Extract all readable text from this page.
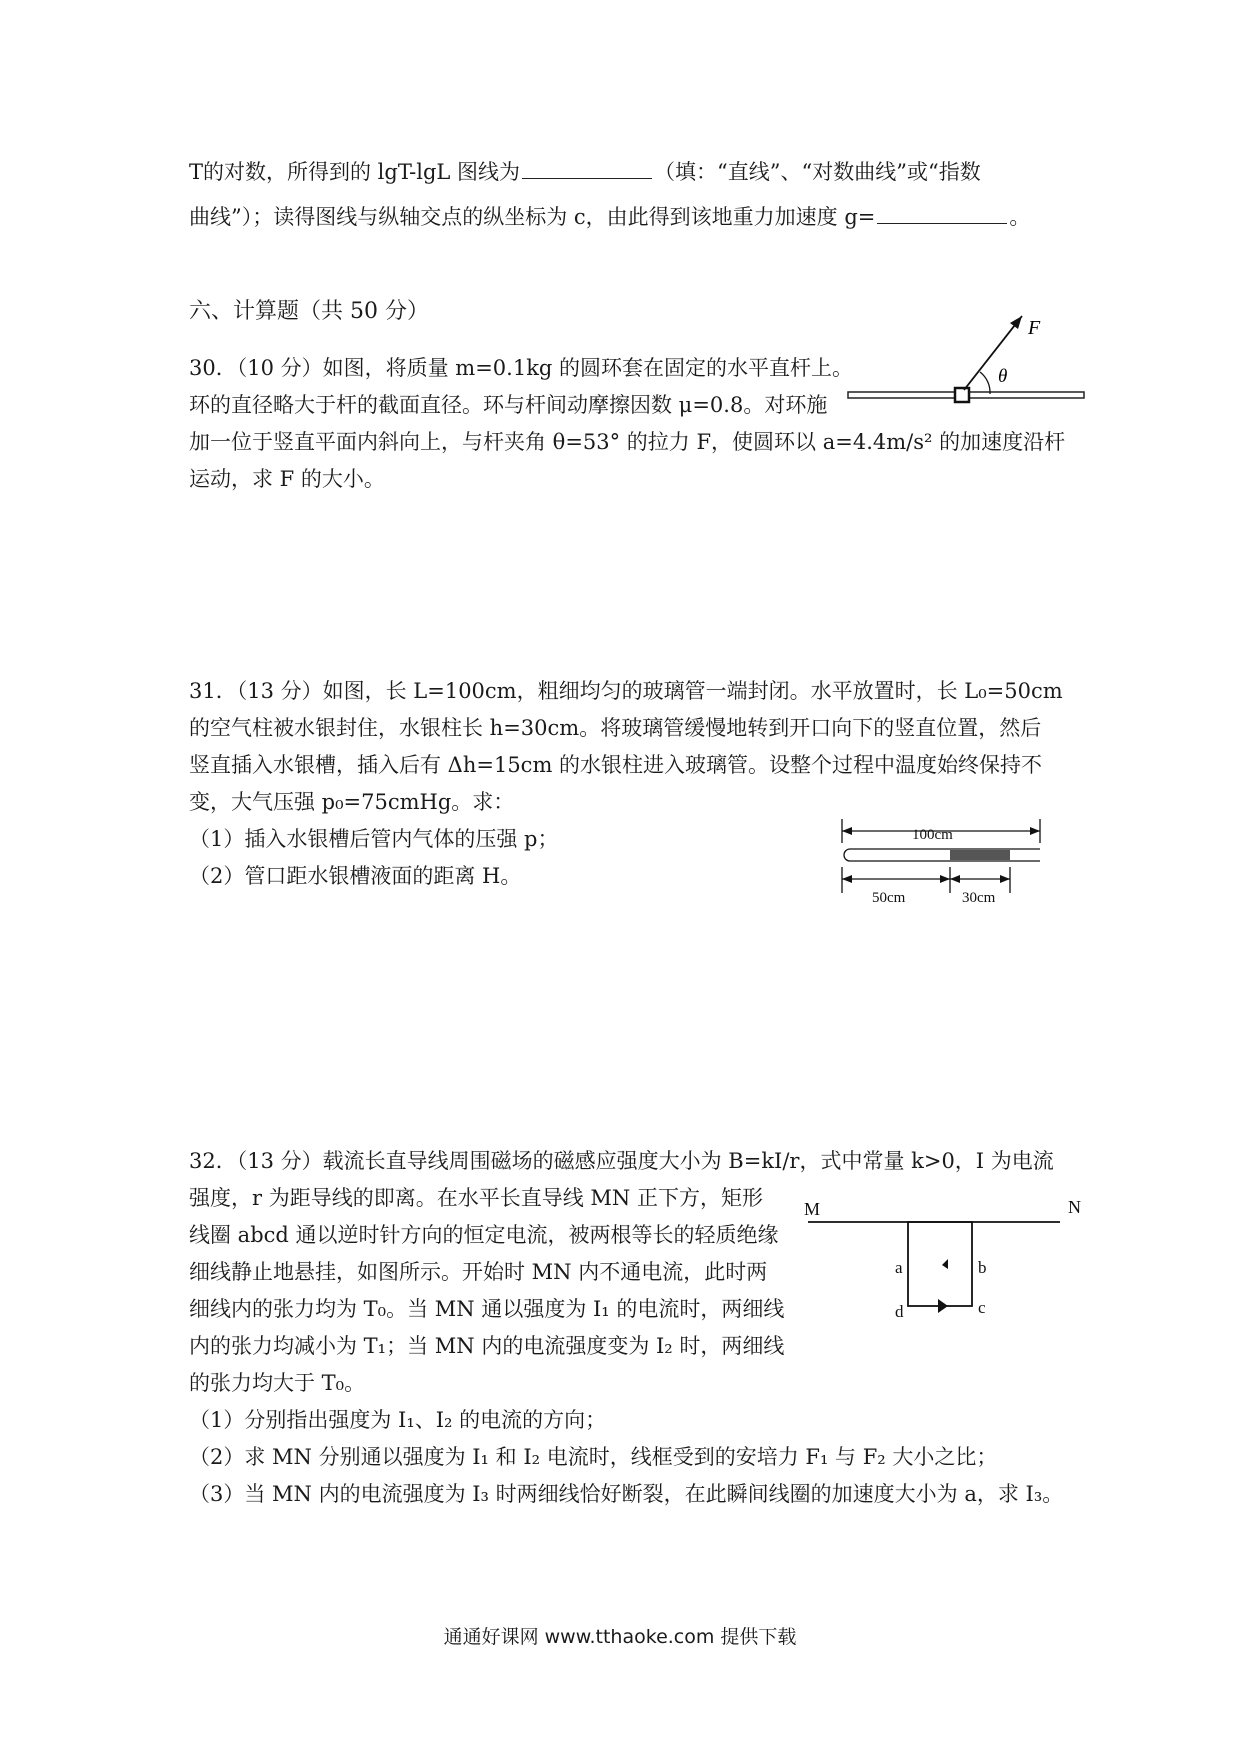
T的对数，所得到的 lgT-lgL 图线为	（填：“直线”、“对数曲线”或“指数
曲线”）；读得图线与纵轴交点的纵坐标为 c，由此得到该地重力加速度 g=	。
六、计算题（共 50 分）

30．（10 分）如图，将质量 m=0.1kg 的圆环套在固定的水平直杆上。

环的直径略大于杆的截面直径。环与杆间动摩擦因数 μ=0.8。对环施

加一位于竖直平面内斜向上，与杆夹角 θ=53° 的拉力 F，使圆环以 a=4.4m/s² 的加速度沿杆

运动，求 F 的大小。

F
θ

31．（13 分）如图，长 L=100cm，粗细均匀的玻璃管一端封闭。水平放置时，长 L₀=50cm

的空气柱被水银封住，水银柱长 h=30cm。将玻璃管缓慢地转到开口向下的竖直位置，然后

竖直插入水银槽，插入后有 Δh=15cm 的水银柱进入玻璃管。设整个过程中温度始终保持不

变，大气压强 p₀=75cmHg。求：

（1）插入水银槽后管内气体的压强 p；

（2）管口距水银槽液面的距离 H。

100cm
50cm	30cm

32．（13 分）载流长直导线周围磁场的磁感应强度大小为 B=kI/r，式中常量 k>0，I 为电流

强度，r 为距导线的即离。在水平长直导线 MN 正下方，矩形

线圈 abcd 通以逆时针方向的恒定电流，被两根等长的轻质绝缘

细线静止地悬挂，如图所示。开始时 MN 内不通电流，此时两

细线内的张力均为 T₀。当 MN 通以强度为 I₁ 的电流时，两细线

内的张力均减小为 T₁；当 MN 内的电流强度变为 I₂ 时，两细线

的张力均大于 T₀。

（1）分别指出强度为 I₁、I₂ 的电流的方向；

（2）求 MN 分别通以强度为 I₁ 和 I₂ 电流时，线框受到的安培力 F₁ 与 F₂ 大小之比；

（3）当 MN 内的电流强度为 I₃ 时两细线恰好断裂，在此瞬间线圈的加速度大小为 a，求 I₃。

M	N
a	b
c
d
通通好课网 www.tthaoke.com 提供下载
